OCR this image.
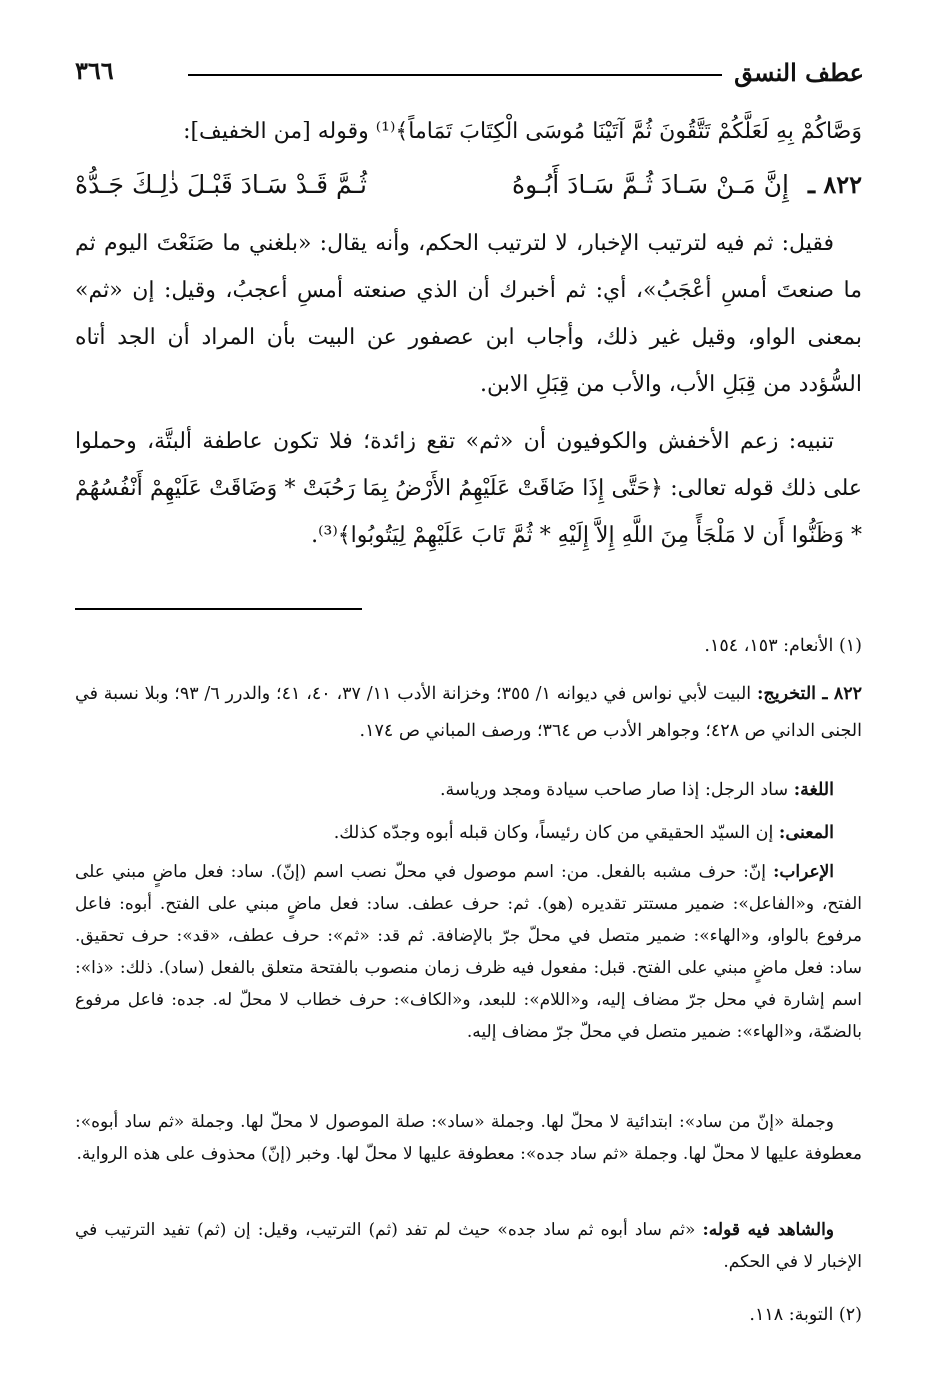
عطف النسق
٣٦٦

وَصَّاكُمْ بِهِ لَعَلَّكُمْ تَتَّقُونَ ثُمَّ آتَيْنَا مُوسَى الْكِتَابَ تَمَاماً﴾⁽¹⁾ وقوله [من الخفيف]:

٨٢٢ ـ
إِنَّ مَـنْ سَـادَ ثُـمَّ سَـادَ أَبُـوهُ
ثُـمَّ قَـدْ سَـادَ قَبْـلَ ذٰلِـكَ جَـدُّهْ

فقيل: ثم فيه لترتيب الإخبار، لا لترتيب الحكم، وأنه يقال: «بلغني ما صَنَعْتَ اليوم ثم ما صنعتَ أمسِ أعْجَبُ»، أي: ثم أخبرك أن الذي صنعته أمسِ أعجبُ، وقيل: إن «ثم» بمعنى الواو، وقيل غير ذلك، وأجاب ابن عصفور عن البيت بأن المراد أن الجد أتاه السُّؤدد من قِبَلِ الأب، والأب من قِبَلِ الابن.

تنبيه: زعم الأخفش والكوفيون أن «ثم» تقع زائدة؛ فلا تكون عاطفة ألبتَّة، وحملوا على ذلك قوله تعالى: ﴿حَتَّى إِذَا ضَاقَتْ عَلَيْهِمُ الأَرْضُ بِمَا رَحُبَتْ * وَضَاقَتْ عَلَيْهِمْ أَنْفُسُهُمْ * وَظَنُّوا أَن لا مَلْجَأً مِنَ اللَّهِ إِلاَّ إِلَيْهِ * ثُمَّ تَابَ عَلَيْهِمْ لِيَتُوبُوا﴾⁽³⁾.

(١) الأنعام: ١٥٣، ١٥٤.

٨٢٢ ـ التخريج: البيت لأبي نواس في ديوانه ١/ ٣٥٥؛ وخزانة الأدب ١١/ ٣٧، ٤٠، ٤١؛ والدرر ٦/ ٩٣؛ وبلا نسبة في الجنى الداني ص ٤٢٨؛ وجواهر الأدب ص ٣٦٤؛ ورصف المباني ص ١٧٤.

اللغة: ساد الرجل: إذا صار صاحب سيادة ومجد ورياسة.

المعنى: إن السيّد الحقيقي من كان رئيساً، وكان قبله أبوه وجدّه كذلك.

الإعراب: إنّ: حرف مشبه بالفعل. من: اسم موصول في محلّ نصب اسم (إنّ). ساد: فعل ماضٍ مبني على الفتح، و«الفاعل»: ضمير مستتر تقديره (هو). ثم: حرف عطف. ساد: فعل ماضٍ مبني على الفتح. أبوه: فاعل مرفوع بالواو، و«الهاء»: ضمير متصل في محلّ جرّ بالإضافة. ثم قد: «ثم»: حرف عطف، «قد»: حرف تحقيق. ساد: فعل ماضٍ مبني على الفتح. قبل: مفعول فيه ظرف زمان منصوب بالفتحة متعلق بالفعل (ساد). ذلك: «ذا»: اسم إشارة في محل جرّ مضاف إليه، و«اللام»: للبعد، و«الكاف»: حرف خطاب لا محلّ له. جده: فاعل مرفوع بالضمّة، و«الهاء»: ضمير متصل في محلّ جرّ مضاف إليه.

وجملة «إنّ من ساد»: ابتدائية لا محلّ لها. وجملة «ساد»: صلة الموصول لا محلّ لها. وجملة «ثم ساد أبوه»: معطوفة عليها لا محلّ لها. وجملة «ثم ساد جده»: معطوفة عليها لا محلّ لها. وخبر (إنّ) محذوف على هذه الرواية.

والشاهد فيه قوله: «ثم ساد أبوه ثم ساد جده» حيث لم تفد (ثم) الترتيب، وقيل: إن (ثم) تفيد الترتيب في الإخبار لا في الحكم.

(٢) التوبة: ١١٨.
